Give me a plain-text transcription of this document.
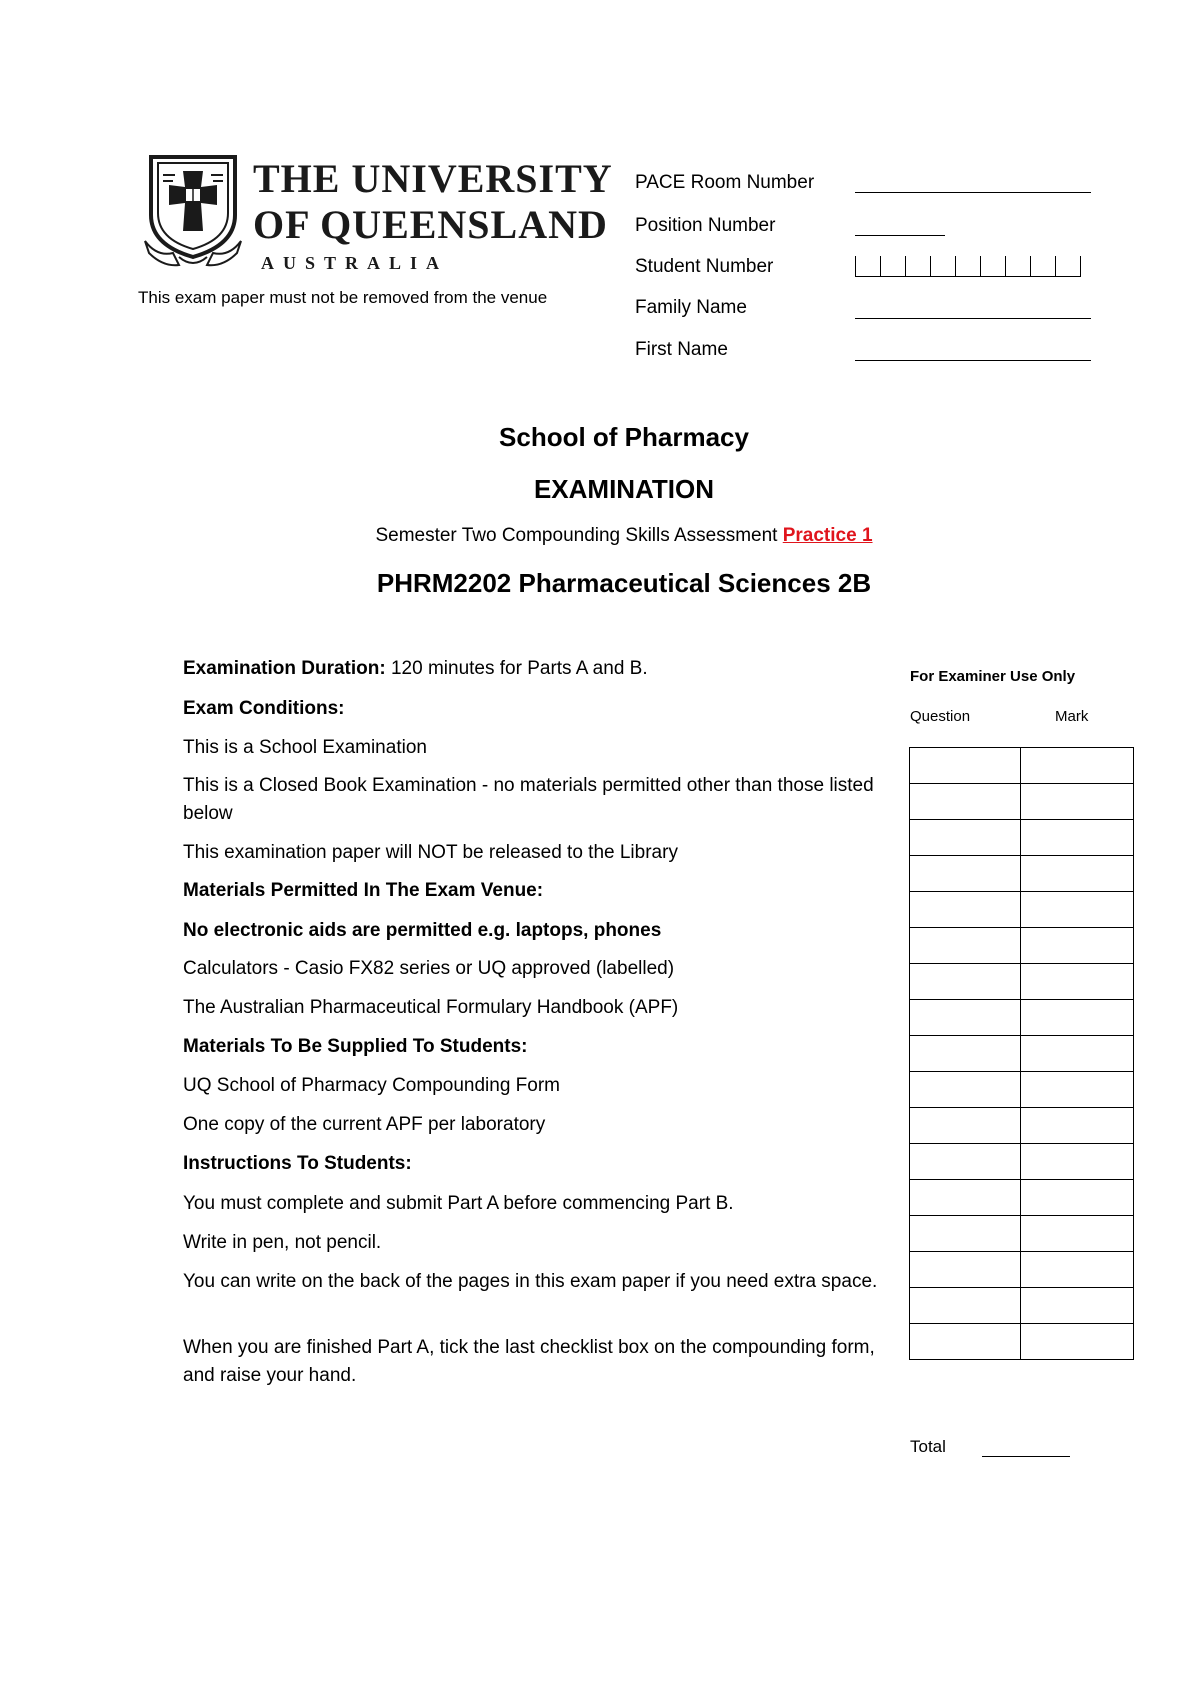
THE UNIVERSITY
OF QUEENSLAND
AUSTRALIA
This exam paper must not be removed from the venue
PACE Room Number
Position Number
Student Number
Family Name
First Name
School of Pharmacy
EXAMINATION
Semester Two Compounding Skills Assessment Practice 1
PHRM2202 Pharmaceutical Sciences 2B
Examination Duration: 120 minutes for Parts A and B.
Exam Conditions:
This is a School Examination
This is a Closed Book Examination - no materials permitted other than those listed below
This examination paper will NOT be released to the Library
Materials Permitted In The Exam Venue:
No electronic aids are permitted e.g. laptops, phones
Calculators - Casio FX82 series or UQ approved (labelled)
The Australian Pharmaceutical Formulary Handbook (APF)
Materials To Be Supplied To Students:
UQ School of Pharmacy Compounding Form
One copy of the current APF per laboratory
Instructions To Students:
You must complete and submit Part A before commencing Part B.
Write in pen, not pencil.
You can write on the back of the pages in this exam paper if you need extra space.
When you are finished Part A, tick the last checklist box on the compounding form, and raise your hand.
For Examiner Use Only
Question	Mark

Total
